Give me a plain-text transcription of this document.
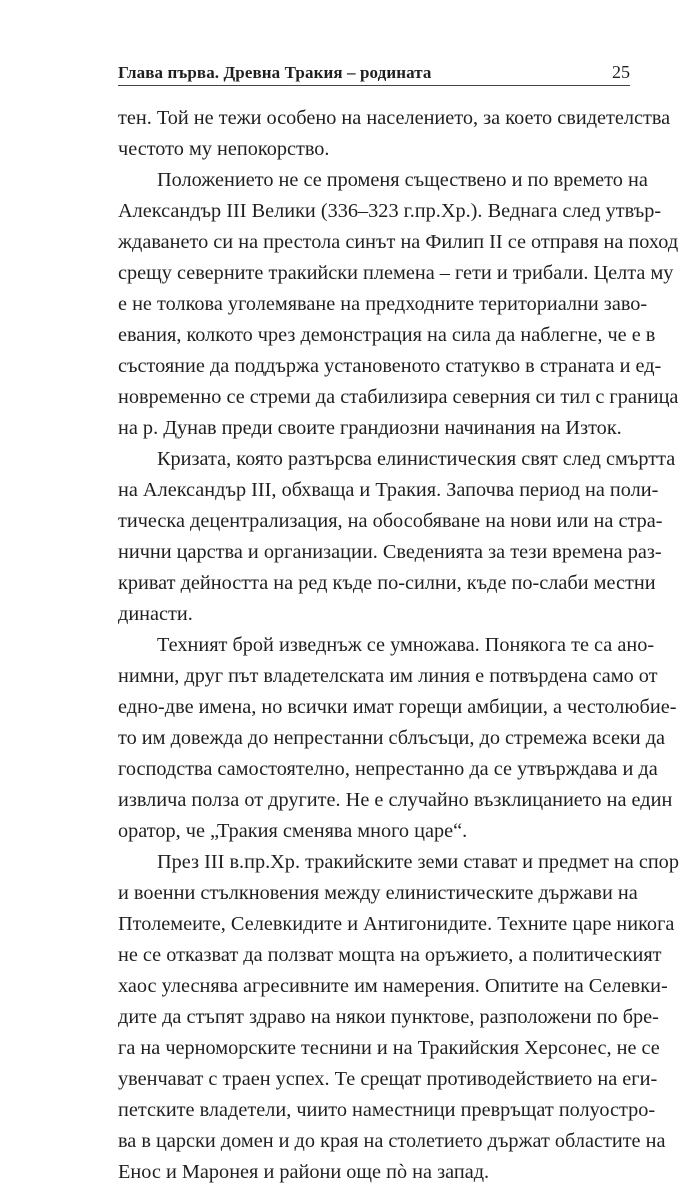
Глава първа. Древна Тракия – родината	25
тен. Той не тежи особено на населението, за което свидетелства
честото му непокорство.
Положението не се променя съществено и по времето на
Александър III Велики (336–323 г.пр.Хр.). Веднага след утвър-
ждаването си на престола синът на Филип II се отправя на поход
срещу северните тракийски племена – гети и трибали. Целта му
е не толкова уголемяване на предходните териториални заво-
евания, колкото чрез демонстрация на сила да наблегне, че е в
състояние да поддържа установеното статукво в страната и ед-
новременно се стреми да стабилизира северния си тил с граница
на р. Дунав преди своите грандиозни начинания на Изток.
Кризата, която разтърсва елинистическия свят след смъртта
на Александър III, обхваща и Тракия. Започва период на поли-
тическа децентрализация, на обособяване на нови или на стра-
нични царства и организации. Сведенията за тези времена раз-
криват дейността на ред къде по-силни, къде по-слаби местни
династи.
Техният брой изведнъж се умножава. Понякога те са ано-
нимни, друг път владетелската им линия е потвърдена само от
едно-две имена, но всички имат горещи амбиции, а честолюбие-
то им довежда до непрестанни сблъсъци, до стремежа всеки да
господства самостоятелно, непрестанно да се утвърждава и да
извлича полза от другите. Не е случайно възклицанието на един
оратор, че „Тракия сменява много царе“.
През III в.пр.Хр. тракийските земи стават и предмет на спор
и военни стълкновения между елинистическите държави на
Птолемеите, Селевкидите и Антигонидите. Техните царе никога
не се отказват да ползват мощта на оръжието, а политическият
хаос улеснява агресивните им намерения. Опитите на Селевки-
дите да стъпят здраво на някои пунктове, разположени по бре-
га на черноморските теснини и на Тракийския Херсонес, не се
увенчават с траен успех. Те срещат противодействието на еги-
петските владетели, чиито наместници превръщат полуостро-
ва в царски домен и до края на столетието държат областите на
Енос и Маронея и райони още пò на запад.
